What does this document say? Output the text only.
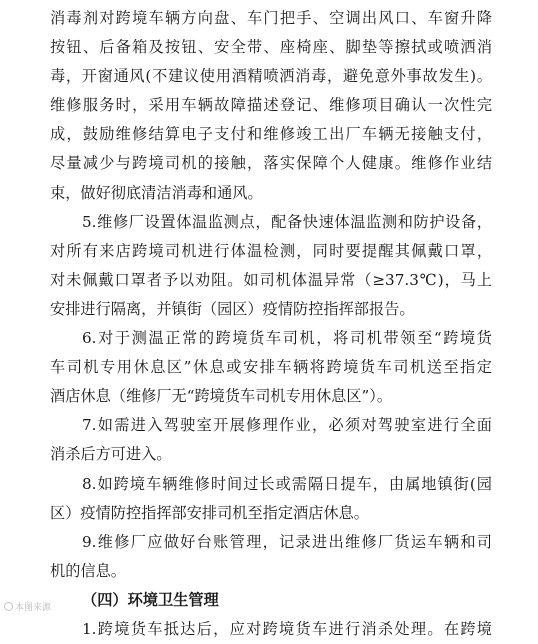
消毒剂对跨境车辆方向盘、车门把手、空调出风口、车窗升降
按钮、后备箱及按钮、安全带、座椅座、脚垫等擦拭或喷洒消
毒，开窗通风(不建议使用酒精喷洒消毒，避免意外事故发生)。
维修服务时，采用车辆故障描述登记、维修项目确认一次性完
成，鼓励维修结算电子支付和维修竣工出厂车辆无接触支付，
尽量减少与跨境司机的接触，落实保障个人健康。维修作业结
束，做好彻底清洁消毒和通风。
5.维修厂设置体温监测点，配备快速体温监测和防护设备，
对所有来店跨境司机进行体温检测，同时要提醒其佩戴口罩，
对未佩戴口罩者予以劝阻。如司机体温异常（≥37.3℃)，马上
安排进行隔离，并镇街（园区）疫情防控指挥部报告。
6.对于测温正常的跨境货车司机，将司机带领至“跨境货
车司机专用休息区”休息或安排车辆将跨境货车司机送至指定
酒店休息（维修厂无“跨境货车司机专用休息区”）。
7.如需进入驾驶室开展修理作业，必须对驾驶室进行全面
消杀后方可进入。
8.如跨境车辆维修时间过长或需隔日提车，由属地镇街(园
区）疫情防控指挥部安排司机至指定酒店休息。
9.维修厂应做好台账管理，记录进出维修厂货运车辆和司
机的信息。
（四）环境卫生管理
1.跨境货车抵达后，应对跨境货车进行消杀处理。在跨境
本图来源
